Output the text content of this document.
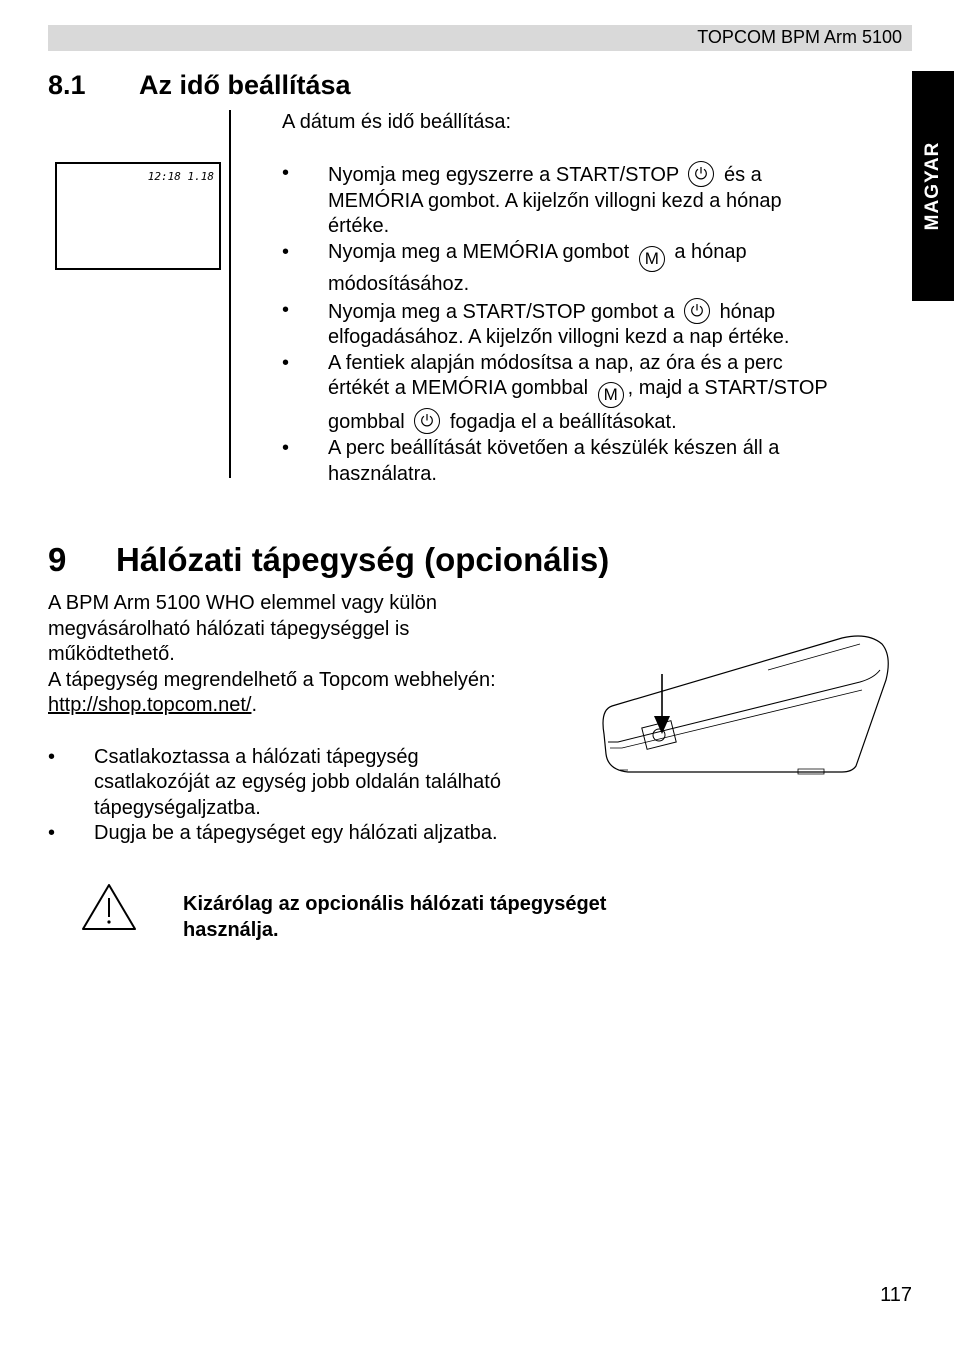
TOPCOM BPM Arm 5100
MAGYAR
8.1 Az idő beállítása
12:18 1.18
A dátum és idő beállítása:
• Nyomja meg egyszerre a START/STOP és a
MEMÓRIA gombot. A kijelzőn villogni kezd a hónap
értéke.
• Nyomja meg a MEMÓRIA gombot M a hónap
módosításához.
• Nyomja meg a START/STOP gombot a hónap
elfogadásához. A kijelzőn villogni kezd a nap értéke.
• A fentiek alapján módosítsa a nap, az óra és a perc
értékét a MEMÓRIA gombbal M , majd a START/STOP
gombbal fogadja el a beállításokat.
• A perc beállítását követően a készülék készen áll a
használatra.
9 Hálózati tápegység (opcionális)
A BPM Arm 5100 WHO elemmel vagy külön
megvásárolható hálózati tápegységgel is
működtethető.
A tápegység megrendelhető a Topcom webhelyén:
http://shop.topcom.net/.
• Csatlakoztassa a hálózati tápegység
csatlakozóját az egység jobb oldalán található
tápegységaljzatba.
• Dugja be a tápegységet egy hálózati aljzatba.
Kizárólag az opcionális hálózati tápegységet
használja.
117
